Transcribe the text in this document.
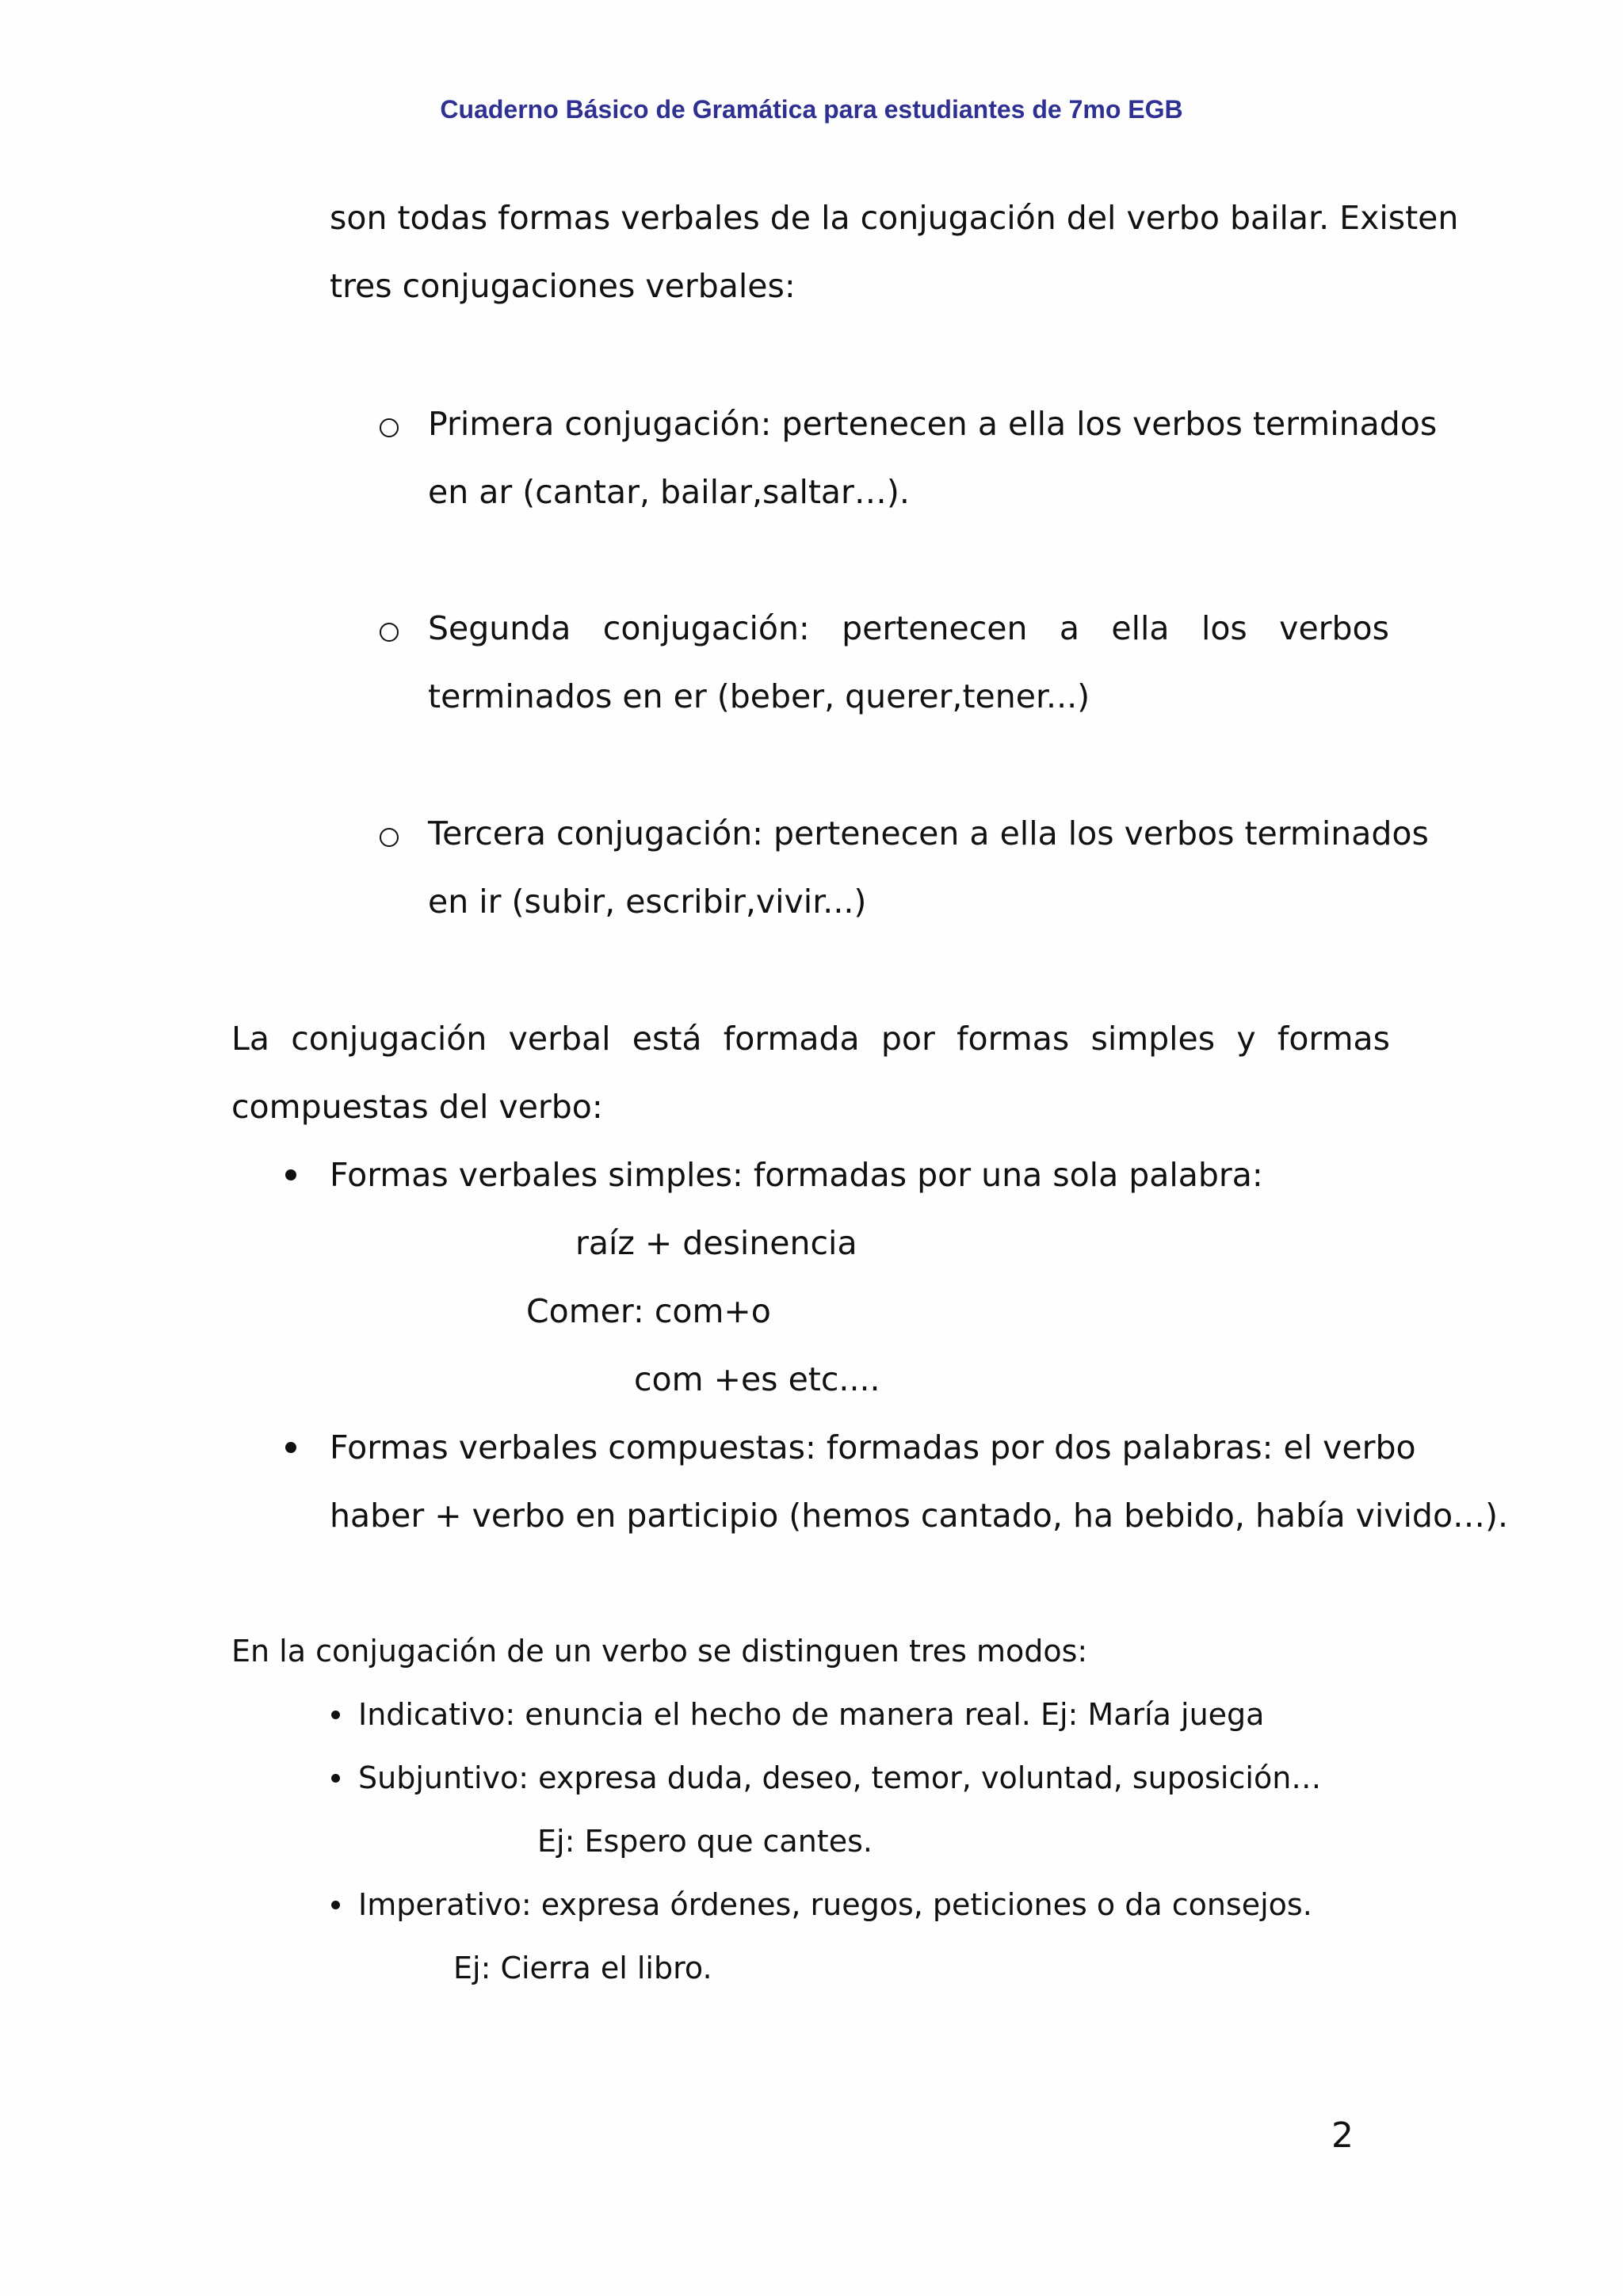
Cuaderno Básico de Gramática para estudiantes de 7mo EGB

son todas formas verbales de la conjugación del verbo bailar. Existen

tres conjugaciones verbales:

Primera conjugación: pertenecen a ella los verbos terminados

en ar (cantar, bailar,saltar…).

Segunda conjugación: pertenecen a ella los verbos

terminados en er (beber, querer,tener...)

Tercera conjugación: pertenecen a ella los verbos terminados

en ir (subir, escribir,vivir...)

La conjugación verbal está formada por formas simples y formas

compuestas del verbo:

Formas verbales simples: formadas por una sola palabra:

raíz + desinencia

Comer: com+o

com +es etc....

Formas verbales compuestas: formadas por dos palabras: el verbo

haber + verbo en participio (hemos cantado, ha bebido, había vivido…).

En la conjugación de un verbo se distinguen tres modos:

Indicativo: enuncia el hecho de manera real. Ej: María juega

Subjuntivo: expresa duda, deseo, temor, voluntad, suposición…

Ej: Espero que cantes.

Imperativo: expresa órdenes, ruegos, peticiones o da consejos.

Ej: Cierra el libro.

2
